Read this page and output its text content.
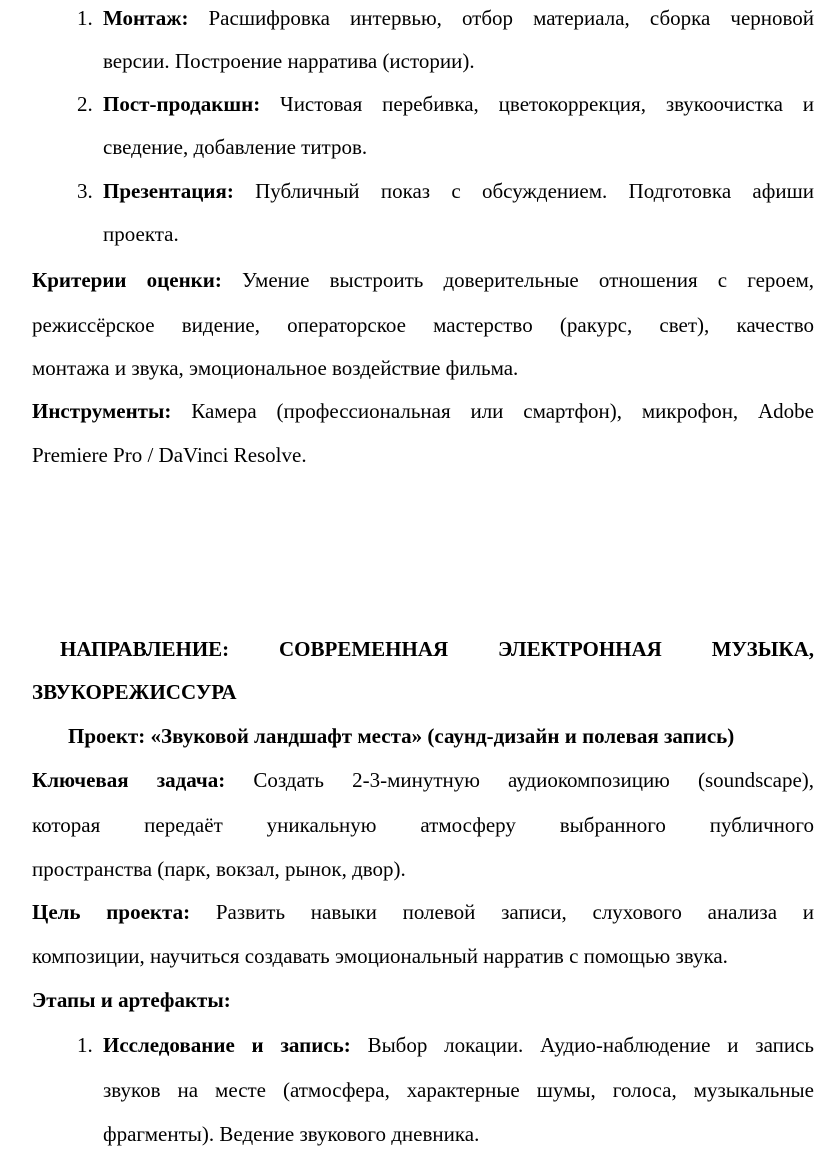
1. Монтаж: Расшифровка интервью, отбор материала, сборка черновой
версии. Построение нарратива (истории).
2. Пост-продакшн: Чистовая перебивка, цветокоррекция, звукоочистка и
сведение, добавление титров.
3. Презентация: Публичный показ с обсуждением. Подготовка афиши
проекта.
Критерии оценки: Умение выстроить доверительные отношения с героем,
режиссёрское видение, операторское мастерство (ракурс, свет), качество
монтажа и звука, эмоциональное воздействие фильма.
Инструменты: Камера (профессиональная или смартфон), микрофон, Adobe
Premiere Pro / DaVinci Resolve.
НАПРАВЛЕНИЕ: СОВРЕМЕННАЯ ЭЛЕКТРОННАЯ МУЗЫКА,
ЗВУКОРЕЖИССУРА
Проект: «Звуковой ландшафт места» (саунд-дизайн и полевая запись)
Ключевая задача: Создать 2-3-минутную аудиокомпозицию (soundscape),
которая передаёт уникальную атмосферу выбранного публичного
пространства (парк, вокзал, рынок, двор).
Цель проекта: Развить навыки полевой записи, слухового анализа и
композиции, научиться создавать эмоциональный нарратив с помощью звука.
Этапы и артефакты:
1. Исследование и запись: Выбор локации. Аудио-наблюдение и запись
звуков на месте (атмосфера, характерные шумы, голоса, музыкальные
фрагменты). Ведение звукового дневника.
